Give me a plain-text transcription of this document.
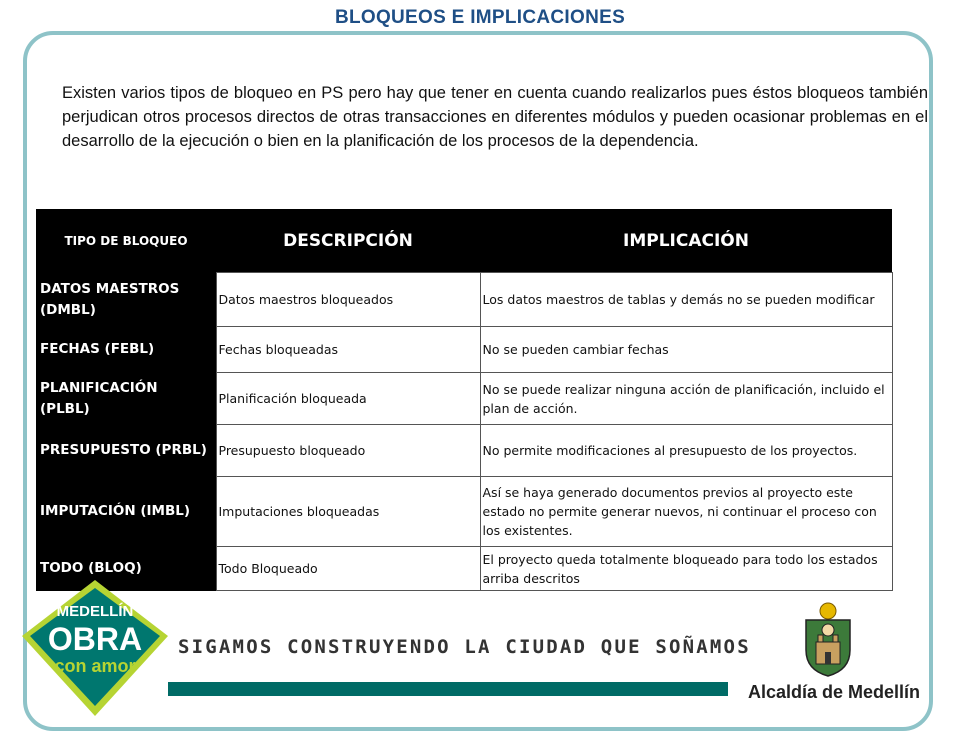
BLOQUEOS E IMPLICACIONES

Existen varios tipos de bloqueo en PS pero hay que tener en cuenta cuando realizarlos pues éstos bloqueos también perjudican otros procesos directos de otras transacciones en diferentes módulos y pueden ocasionar problemas en el desarrollo de la ejecución o bien en la planificación de los procesos de la dependencia.

TIPO DE BLOQUEO	DESCRIPCIÓN	IMPLICACIÓN
DATOS MAESTROS (DMBL)	Datos maestros bloqueados	Los datos maestros de tablas y demás no se pueden modificar
FECHAS (FEBL)	Fechas bloqueadas	No se pueden cambiar fechas
PLANIFICACIÓN (PLBL)	Planificación bloqueada	No se puede realizar ninguna acción de planificación, incluido el plan de acción.
PRESUPUESTO (PRBL)	Presupuesto bloqueado	No permite modificaciones al presupuesto de los proyectos.
IMPUTACIÓN (IMBL)	Imputaciones bloqueadas	Así se haya generado documentos previos al proyecto este estado no permite generar nuevos, ni continuar el proceso con los existentes.
TODO (BLOQ)	Todo Bloqueado	El proyecto queda totalmente bloqueado para todo los estados arriba descritos
MEDELLÍN
OBRA
con amor
SIGAMOS CONSTRUYENDO LA CIUDAD QUE SOÑAMOS
Alcaldía de Medellín
